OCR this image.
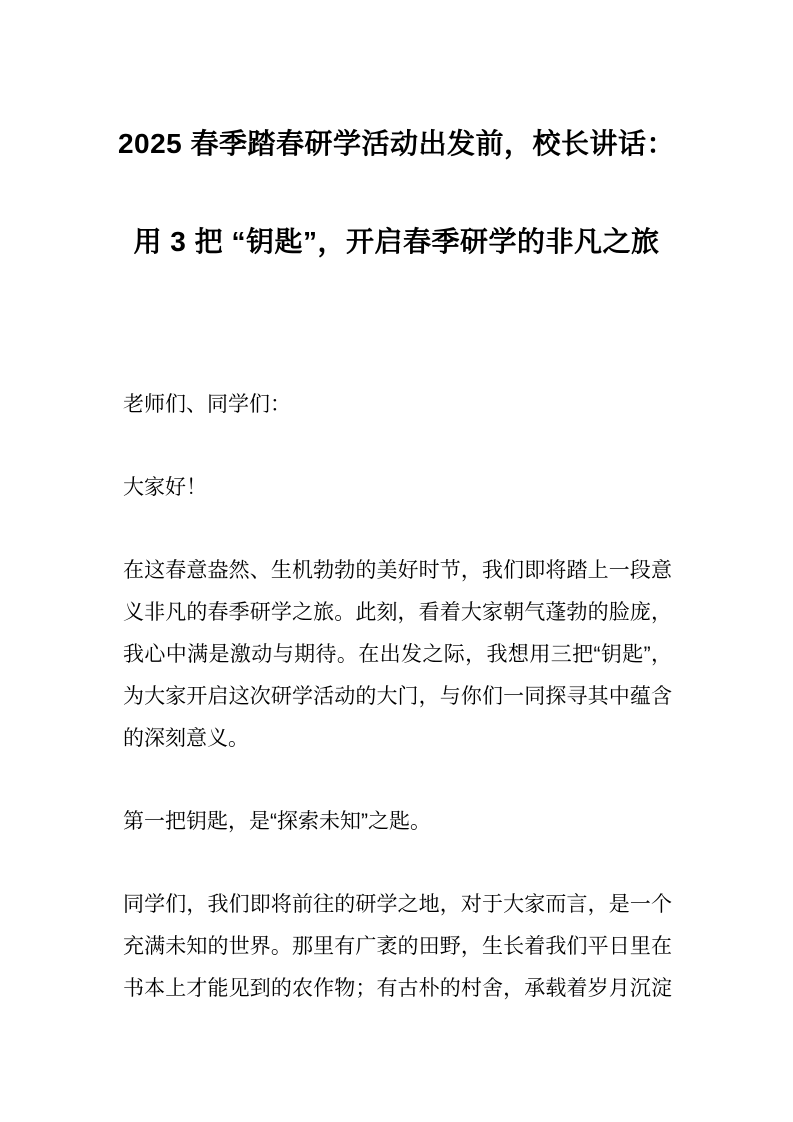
2025 春季踏春研学活动出发前，校长讲话：
用 3 把 “钥匙”，开启春季研学的非凡之旅
老师们、同学们：
大家好！
在这春意盎然、生机勃勃的美好时节，我们即将踏上一段意
义非凡的春季研学之旅。此刻，看着大家朝气蓬勃的脸庞，
我心中满是激动与期待。在出发之际，我想用三把“钥匙”，
为大家开启这次研学活动的大门，与你们一同探寻其中蕴含
的深刻意义。
第一把钥匙，是“探索未知”之匙。
同学们，我们即将前往的研学之地，对于大家而言，是一个
充满未知的世界。那里有广袤的田野，生长着我们平日里在
书本上才能见到的农作物；有古朴的村舍，承载着岁月沉淀
